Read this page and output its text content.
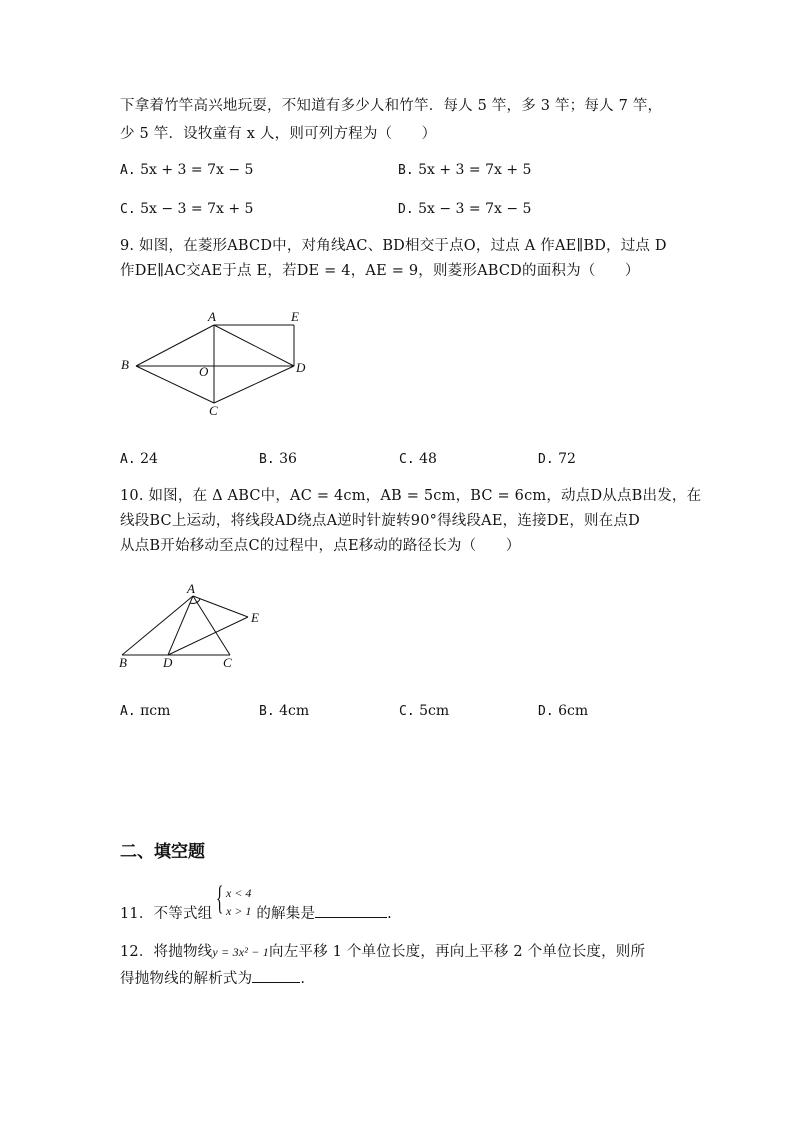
下拿着竹竿高兴地玩耍，不知道有多少人和竹竿．每人 5 竿，多 3 竿；每人 7 竿，
少 5 竿．设牧童有 x 人，则可列方程为（　　）
A. 5x + 3 = 7x − 5	B. 5x + 3 = 7x + 5
C. 5x − 3 = 7x + 5	D. 5x − 3 = 7x − 5
9. 如图，在菱形ABCD中，对角线AC、BD相交于点O，过点 A 作AE∥BD，过点 D
作DE∥AC交AE于点 E，若DE = 4，AE = 9，则菱形ABCD的面积为（　　）
A	E
B	O	D
C
A. 24	B. 36	C. 48	D. 72
10. 如图，在 Δ ABC中，AC = 4cm，AB = 5cm，BC = 6cm，动点D从点B出发，在
线段BC上运动，将线段AD绕点A逆时针旋转90°得线段AE，连接DE，则在点D
从点B开始移动至点C的过程中，点E移动的路径长为（　　）
A
E
B	D	C
A. πcm	B. 4cm	C. 5cm	D. 6cm
二、填空题
11．不等式组	的解集是	.
{ x < 4
x > 1
12．将抛物线y = 3x² − 1向左平移 1 个单位长度，再向上平移 2 个单位长度，则所
得抛物线的解析式为	.
